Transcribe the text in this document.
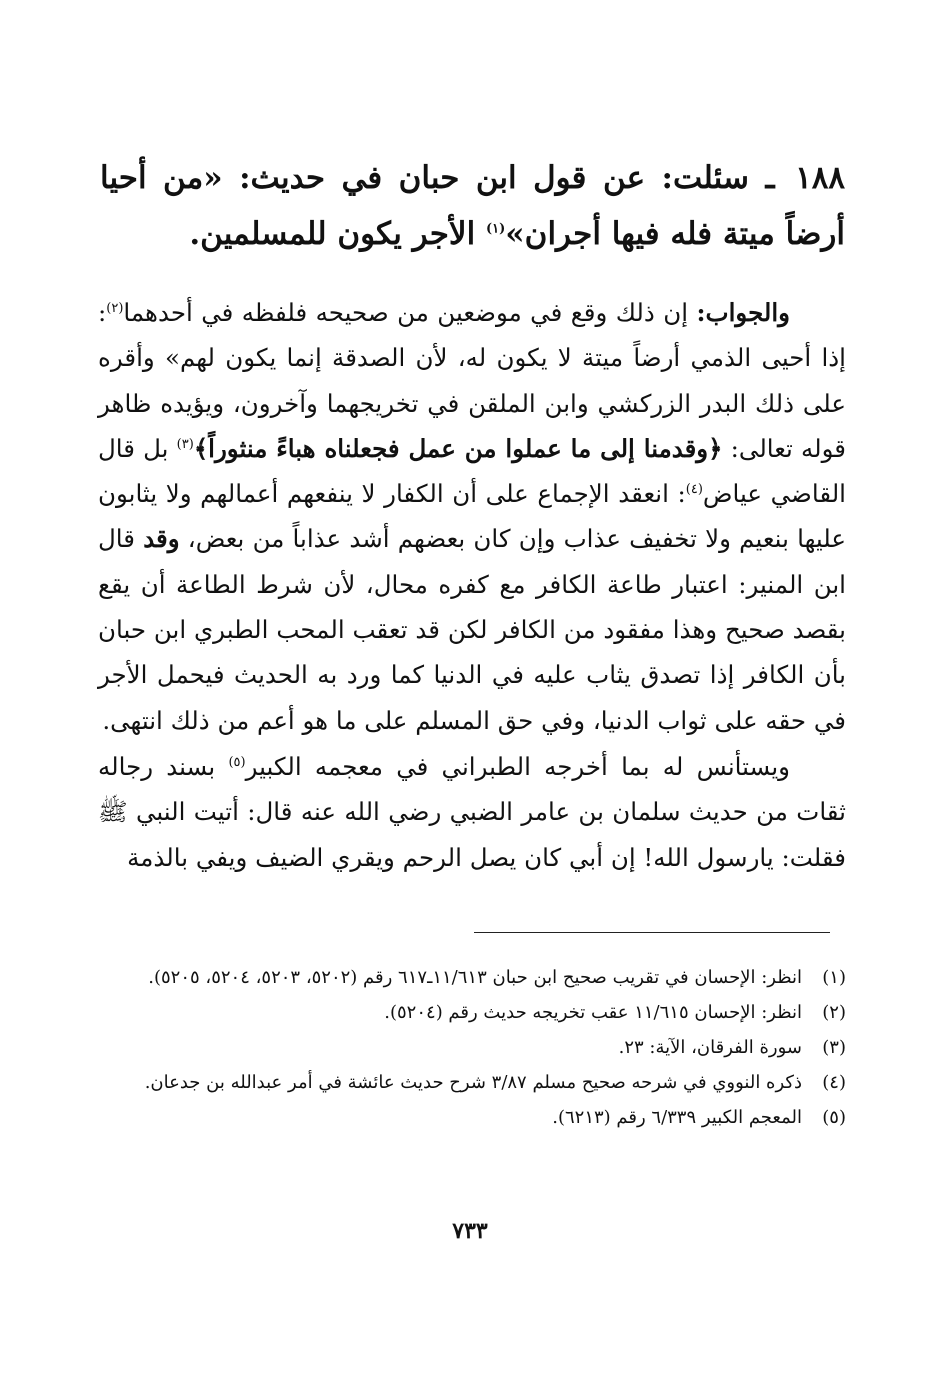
١٨٨ ـ سئلت: عن قول ابن حبان في حديث: «من أحيا أرضاً ميتة فله فيها أجران»$^{(١)}$ الأجر يكون للمسلمين.

والجواب: إن ذلك وقع في موضعين من صحيحه فلفظه في أحدهما$^{(٢)}$: إذا أحيى الذمي أرضاً ميتة لا يكون له، لأن الصدقة إنما يكون لهم» وأقره على ذلك البدر الزركشي وابن الملقن في تخريجهما وآخرون، ويؤيده ظاهر قوله تعالى: ﴿وقدمنا إلى ما عملوا من عمل فجعلناه هباءً منثوراً﴾$^{(٣)}$ بل قال القاضي عياض$^{(٤)}$: انعقد الإجماع على أن الكفار لا ينفعهم أعمالهم ولا يثابون عليها بنعيم ولا تخفيف عذاب وإن كان بعضهم أشد عذاباً من بعض، وقد قال ابن المنير: اعتبار طاعة الكافر مع كفره محال، لأن شرط الطاعة أن يقع بقصد صحيح وهذا مفقود من الكافر لكن قد تعقب المحب الطبري ابن حبان بأن الكافر إذا تصدق يثاب عليه في الدنيا كما ورد به الحديث فيحمل الأجر في حقه على ثواب الدنيا، وفي حق المسلم على ما هو أعم من ذلك انتهى.

ويستأنس له بما أخرجه الطبراني في معجمه الكبير$^{(٥)}$ بسند رجاله ثقات من حديث سلمان بن عامر الضبي رضي الله عنه قال: أتيت النبي ﷺ فقلت: يارسول الله! إن أبي كان يصل الرحم ويقري الضيف ويفي بالذمة

(١)
انظر: الإحسان في تقريب صحيح ابن حبان ١١/٦١٣ـ٦١٧ رقم (٥٢٠٢، ٥٢٠٣، ٥٢٠٤، ٥٢٠٥).
(٢)
انظر: الإحسان ١١/٦١٥ عقب تخريجه حديث رقم (٥٢٠٤).
(٣)
سورة الفرقان، الآية: ٢٣.
(٤)
ذكره النووي في شرحه صحيح مسلم ٣/٨٧ شرح حديث عائشة في أمر عبدالله بن جدعان.
(٥)
المعجم الكبير ٦/٣٣٩ رقم (٦٢١٣).
٧٣٣
